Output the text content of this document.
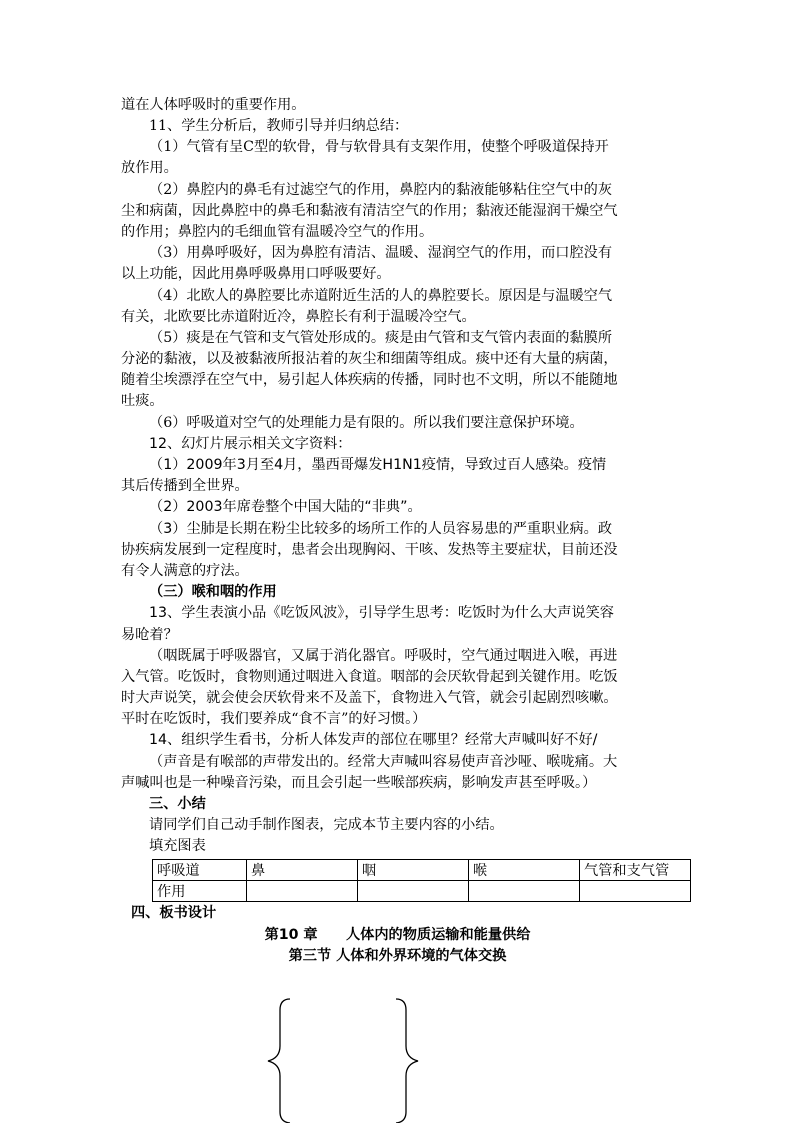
道在人体呼吸时的重要作用。
11、学生分析后，教师引导并归纳总结：
（1）气管有呈C型的软骨，骨与软骨具有支架作用，使整个呼吸道保持开
放作用。
（2）鼻腔内的鼻毛有过滤空气的作用，鼻腔内的黏液能够粘住空气中的灰
尘和病菌，因此鼻腔中的鼻毛和黏液有清洁空气的作用；黏液还能湿润干燥空气
的作用；鼻腔内的毛细血管有温暖冷空气的作用。
（3）用鼻呼吸好，因为鼻腔有清洁、温暖、湿润空气的作用，而口腔没有
以上功能，因此用鼻呼吸鼻用口呼吸要好。
（4）北欧人的鼻腔要比赤道附近生活的人的鼻腔要长。原因是与温暖空气
有关，北欧要比赤道附近冷，鼻腔长有利于温暖冷空气。
（5）痰是在气管和支气管处形成的。痰是由气管和支气管内表面的黏膜所
分泌的黏液，以及被黏液所报沾着的灰尘和细菌等组成。痰中还有大量的病菌，
随着尘埃漂浮在空气中，易引起人体疾病的传播，同时也不文明，所以不能随地
吐痰。
（6）呼吸道对空气的处理能力是有限的。所以我们要注意保护环境。
12、幻灯片展示相关文字资料：
（1）2009年3月至4月，墨西哥爆发H1N1疫情，导致过百人感染。疫情
其后传播到全世界。
（2）2003年席卷整个中国大陆的“非典”。
（3）尘肺是长期在粉尘比较多的场所工作的人员容易患的严重职业病。政
协疾病发展到一定程度时，患者会出现胸闷、干咳、发热等主要症状，目前还没
有令人满意的疗法。
（三）喉和咽的作用
13、学生表演小品《吃饭风波》，引导学生思考：吃饭时为什么大声说笑容
易呛着？
（咽既属于呼吸器官，又属于消化器官。呼吸时，空气通过咽进入喉，再进
入气管。吃饭时，食物则通过咽进入食道。咽部的会厌软骨起到关键作用。吃饭
时大声说笑，就会使会厌软骨来不及盖下，食物进入气管，就会引起剧烈咳嗽。
平时在吃饭时，我们要养成“食不言”的好习惯。）
14、组织学生看书，分析人体发声的部位在哪里？经常大声喊叫好不好/
（声音是有喉部的声带发出的。经常大声喊叫容易使声音沙哑、喉咙痛。大
声喊叫也是一种噪音污染，而且会引起一些喉部疾病，影响发声甚至呼吸。）
三、小结
请同学们自己动手制作图表，完成本节主要内容的小结。
填充图表
呼吸道	鼻	咽	喉	气管和支气管
作用				
四、板书设计
第10 章　　人体内的物质运输和能量供给
第三节 人体和外界环境的气体交换
